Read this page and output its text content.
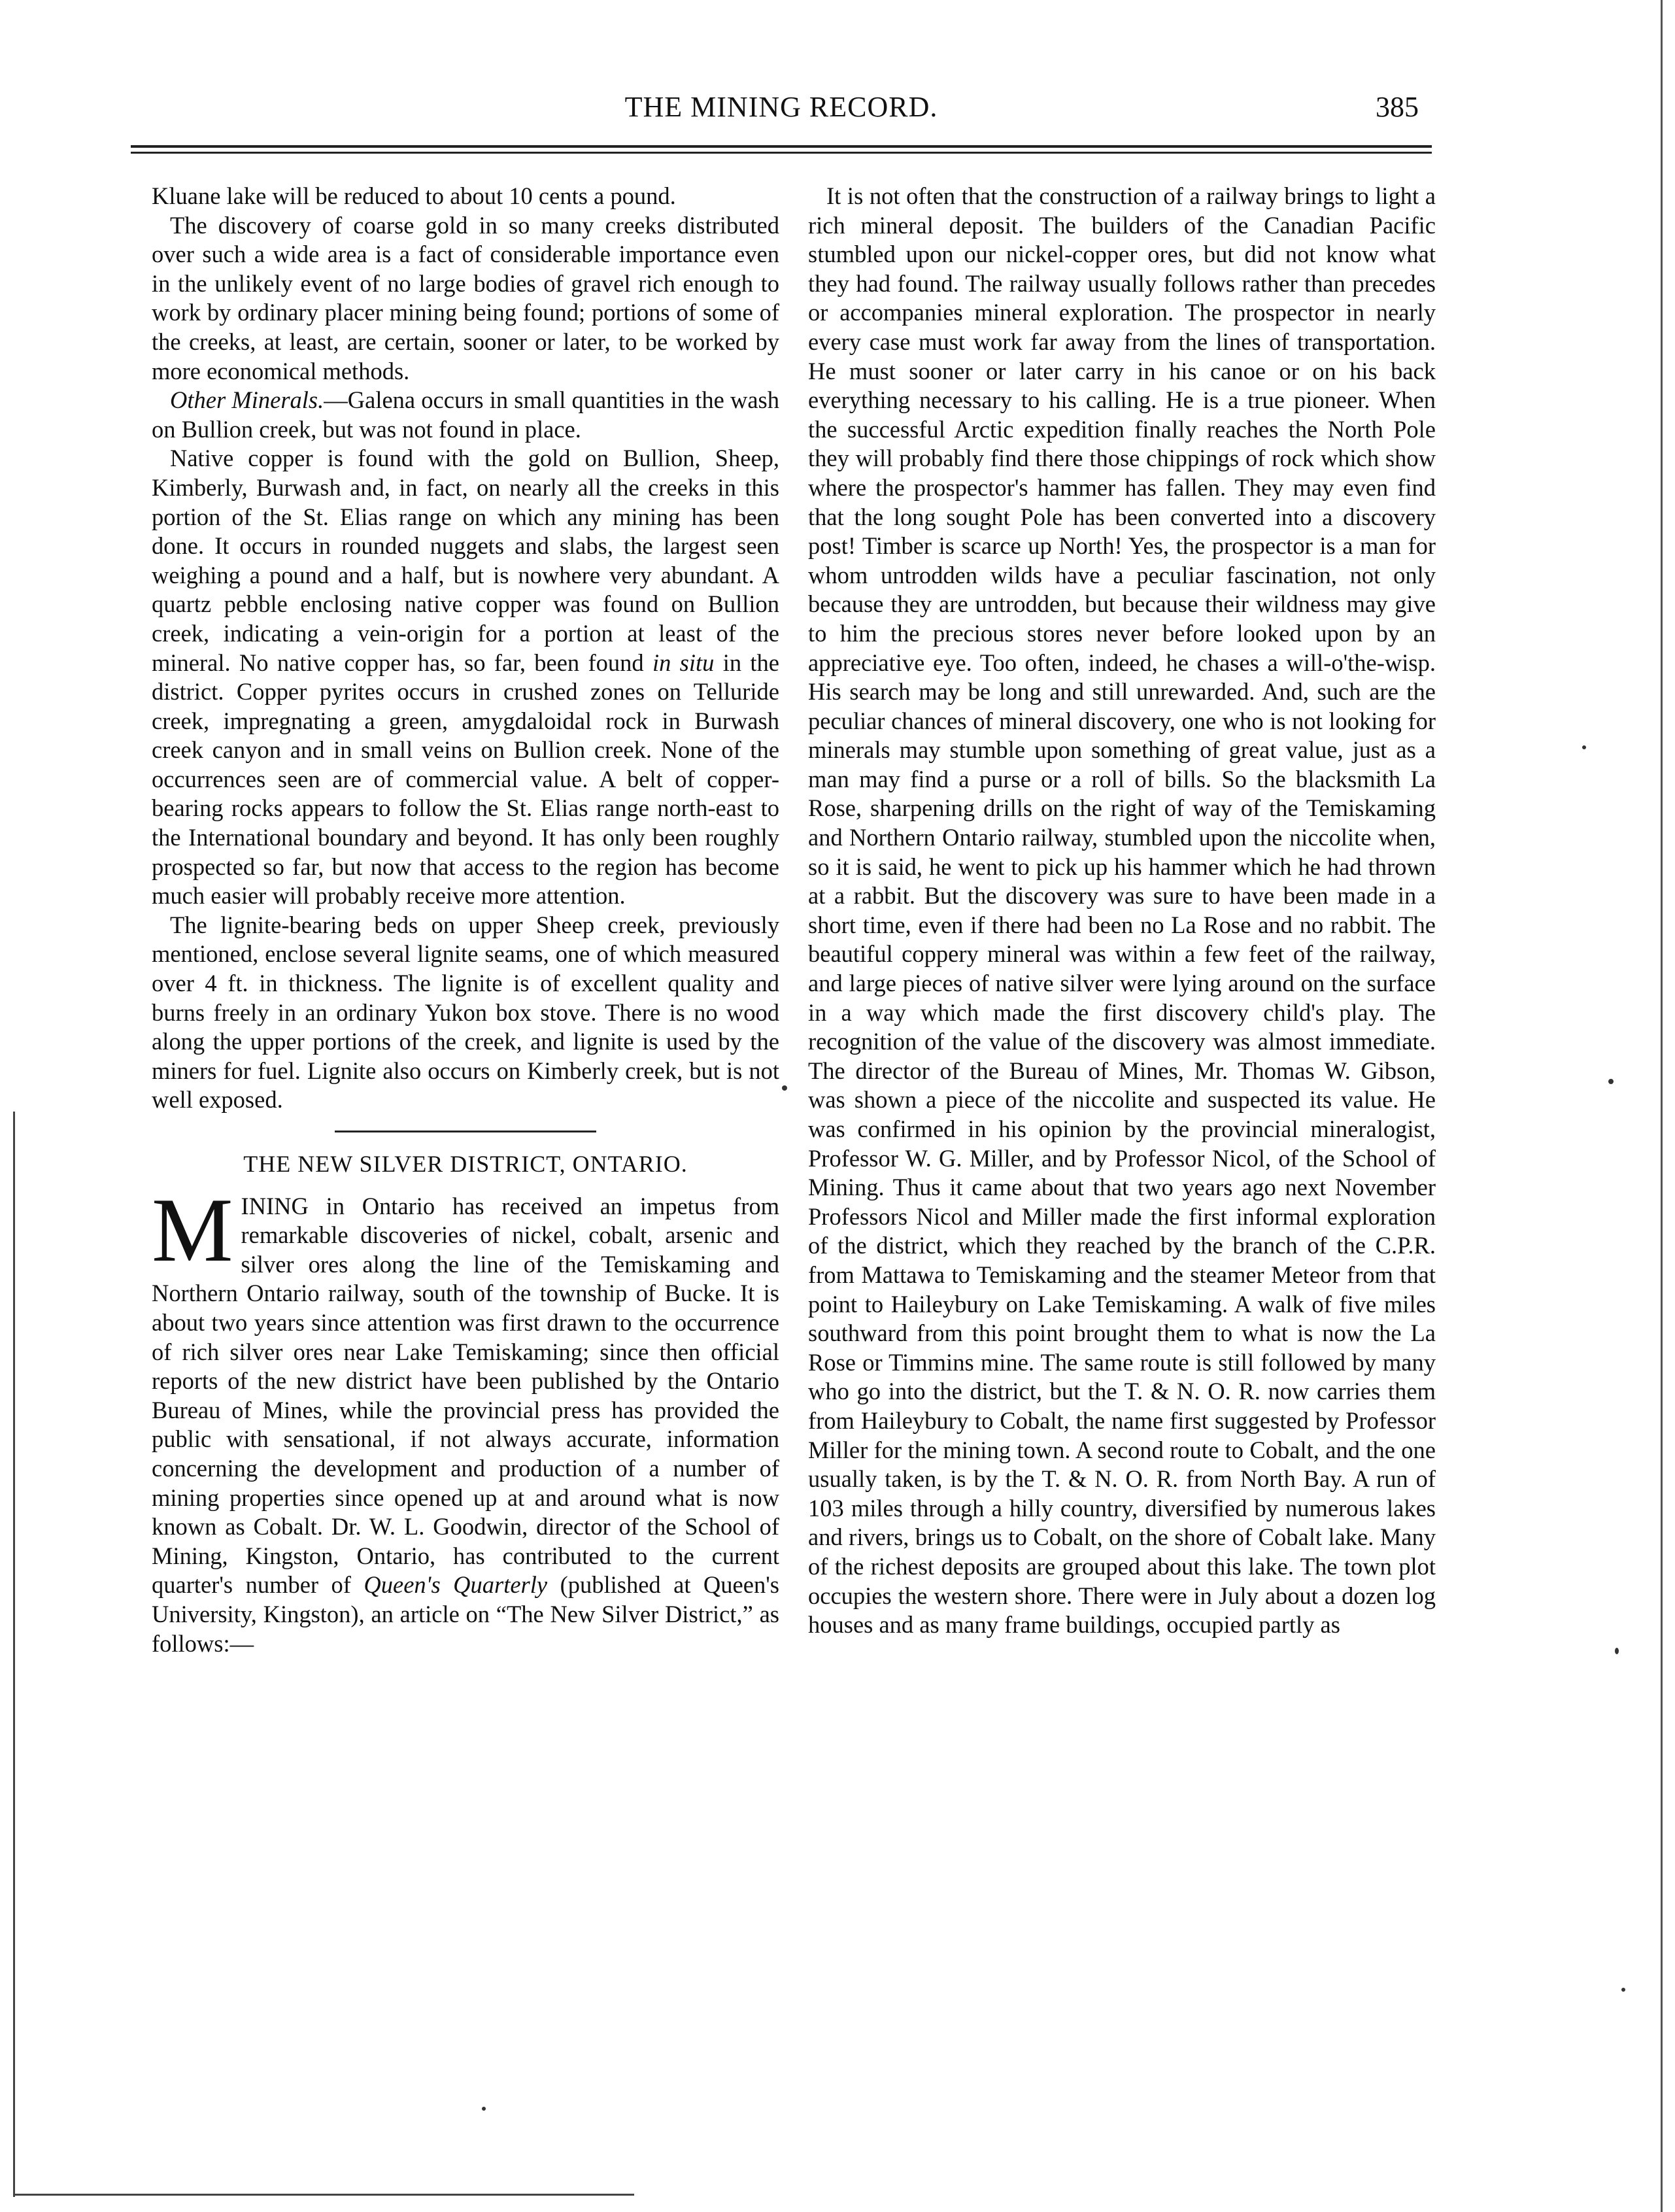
THE MINING RECORD.	385

Kluane lake will be reduced to about 10 cents a pound.

The discovery of coarse gold in so many creeks distributed over such a wide area is a fact of considerable importance even in the unlikely event of no large bodies of gravel rich enough to work by ordinary placer mining being found; portions of some of the creeks, at least, are certain, sooner or later, to be worked by more economical methods.

Other Minerals.—Galena occurs in small quantities in the wash on Bullion creek, but was not found in place.

Native copper is found with the gold on Bullion, Sheep, Kimberly, Burwash and, in fact, on nearly all the creeks in this portion of the St. Elias range on which any mining has been done. It occurs in rounded nuggets and slabs, the largest seen weighing a pound and a half, but is nowhere very abundant. A quartz pebble enclosing native copper was found on Bullion creek, indicating a vein-origin for a portion at least of the mineral. No native copper has, so far, been found in situ in the district. Copper pyrites occurs in crushed zones on Telluride creek, impregnating a green, amygdaloidal rock in Burwash creek canyon and in small veins on Bullion creek. None of the occurrences seen are of commercial value. A belt of copper-bearing rocks appears to follow the St. Elias range north-east to the International boundary and beyond. It has only been roughly prospected so far, but now that access to the region has become much easier will probably receive more attention.

The lignite-bearing beds on upper Sheep creek, previously mentioned, enclose several lignite seams, one of which measured over 4 ft. in thickness. The lignite is of excellent quality and burns freely in an ordinary Yukon box stove. There is no wood along the upper portions of the creek, and lignite is used by the miners for fuel. Lignite also occurs on Kimberly creek, but is not well exposed.

THE NEW SILVER DISTRICT, ONTARIO.

MINING in Ontario has received an impetus from remarkable discoveries of nickel, cobalt, arsenic and silver ores along the line of the Temiskaming and Northern Ontario railway, south of the township of Bucke. It is about two years since attention was first drawn to the occurrence of rich silver ores near Lake Temiskaming; since then official reports of the new district have been published by the Ontario Bureau of Mines, while the provincial press has provided the public with sensational, if not always accurate, information concerning the development and production of a number of mining properties since opened up at and around what is now known as Cobalt. Dr. W. L. Goodwin, director of the School of Mining, Kingston, Ontario, has contributed to the current quarter's number of Queen's Quarterly (published at Queen's University, Kingston), an article on “The New Silver District,” as follows:—

It is not often that the construction of a railway brings to light a rich mineral deposit. The builders of the Canadian Pacific stumbled upon our nickel-copper ores, but did not know what they had found. The railway usually follows rather than precedes or accompanies mineral exploration. The prospector in nearly every case must work far away from the lines of transportation. He must sooner or later carry in his canoe or on his back everything necessary to his calling. He is a true pioneer. When the successful Arctic expedition finally reaches the North Pole they will probably find there those chippings of rock which show where the prospector's hammer has fallen. They may even find that the long sought Pole has been converted into a discovery post! Timber is scarce up North! Yes, the prospector is a man for whom untrodden wilds have a peculiar fascination, not only because they are untrodden, but because their wildness may give to him the precious stores never before looked upon by an appreciative eye. Too often, indeed, he chases a will-o'the-wisp. His search may be long and still unrewarded. And, such are the peculiar chances of mineral discovery, one who is not looking for minerals may stumble upon something of great value, just as a man may find a purse or a roll of bills. So the blacksmith La Rose, sharpening drills on the right of way of the Temiskaming and Northern Ontario railway, stumbled upon the niccolite when, so it is said, he went to pick up his hammer which he had thrown at a rabbit. But the discovery was sure to have been made in a short time, even if there had been no La Rose and no rabbit. The beautiful coppery mineral was within a few feet of the railway, and large pieces of native silver were lying around on the surface in a way which made the first discovery child's play. The recognition of the value of the discovery was almost immediate. The director of the Bureau of Mines, Mr. Thomas W. Gibson, was shown a piece of the niccolite and suspected its value. He was confirmed in his opinion by the provincial mineralogist, Professor W. G. Miller, and by Professor Nicol, of the School of Mining. Thus it came about that two years ago next November Professors Nicol and Miller made the first informal exploration of the district, which they reached by the branch of the C.P.R. from Mattawa to Temiskaming and the steamer Meteor from that point to Haileybury on Lake Temiskaming. A walk of five miles southward from this point brought them to what is now the La Rose or Timmins mine. The same route is still followed by many who go into the district, but the T. & N. O. R. now carries them from Haileybury to Cobalt, the name first suggested by Professor Miller for the mining town. A second route to Cobalt, and the one usually taken, is by the T. & N. O. R. from North Bay. A run of 103 miles through a hilly country, diversified by numerous lakes and rivers, brings us to Cobalt, on the shore of Cobalt lake. Many of the richest deposits are grouped about this lake. The town plot occupies the western shore. There were in July about a dozen log houses and as many frame buildings, occupied partly as
